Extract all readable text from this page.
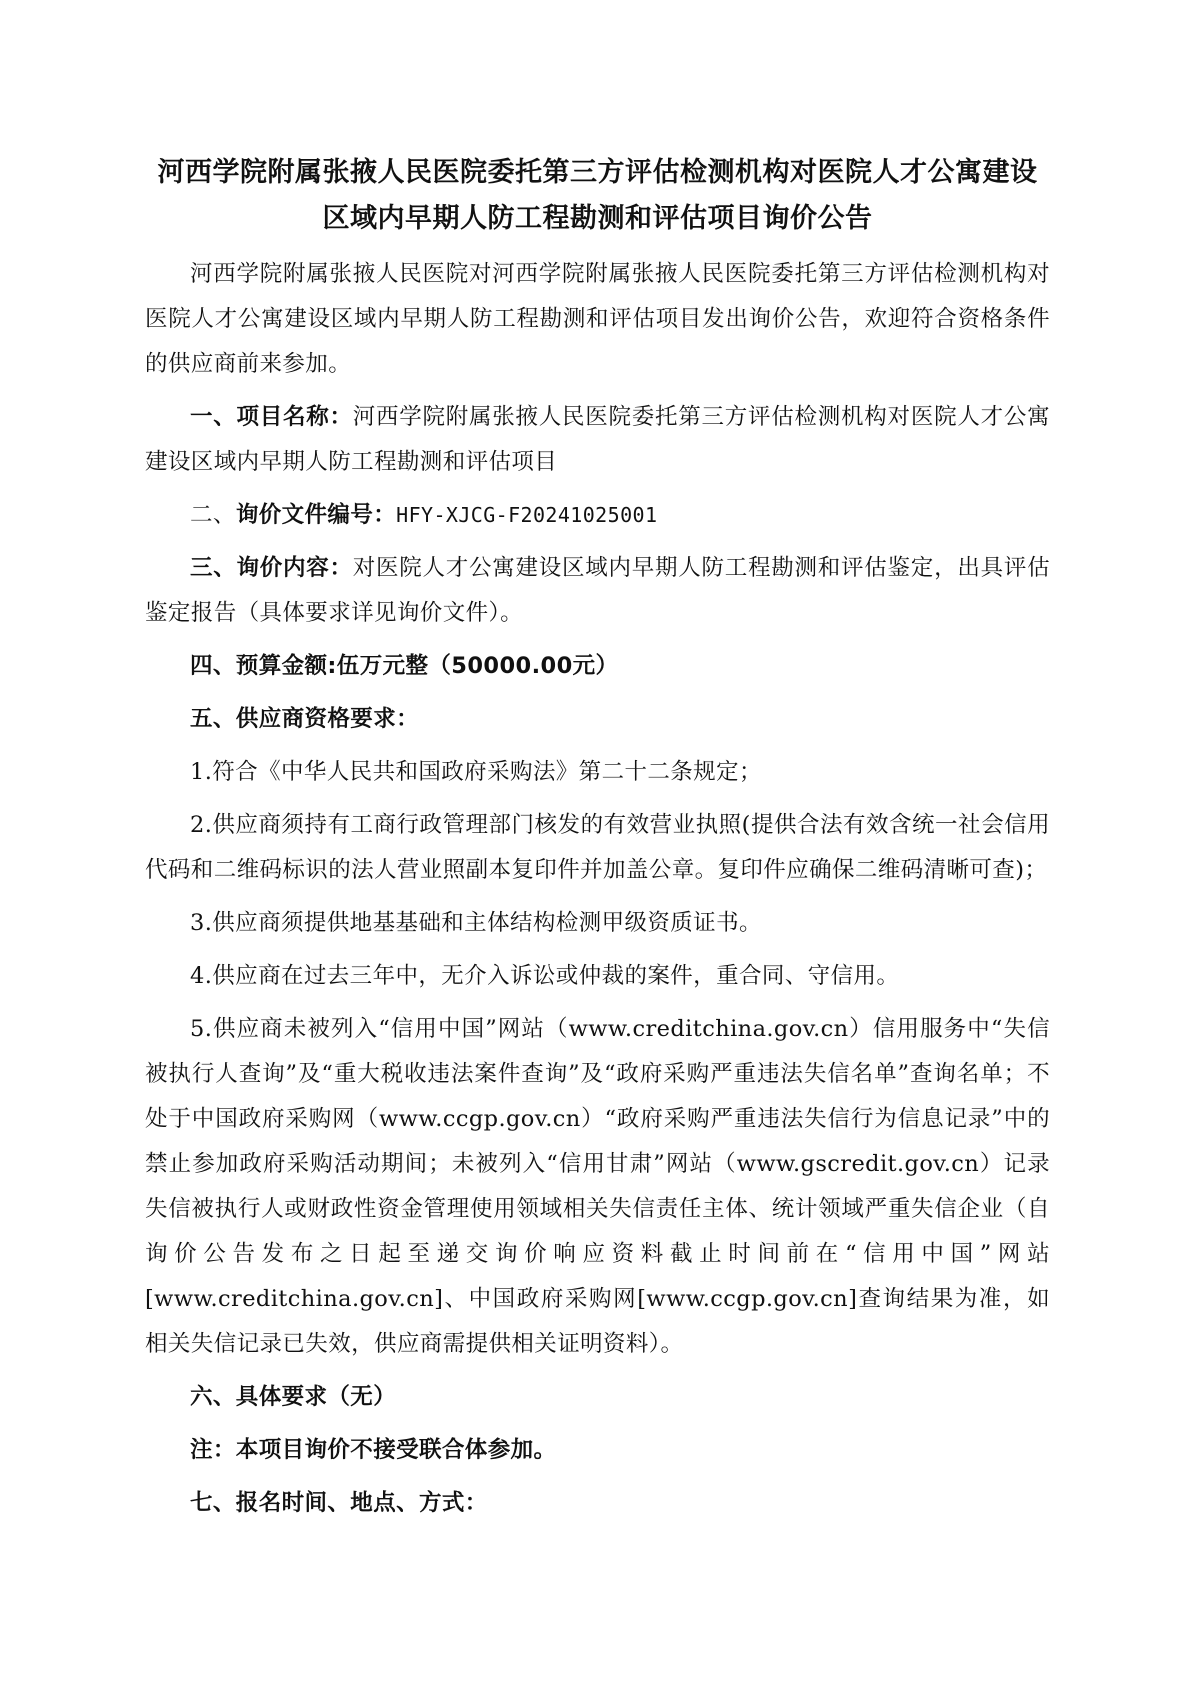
河西学院附属张掖人民医院委托第三方评估检测机构对医院人才公寓建设
区域内早期人防工程勘测和评估项目询价公告

河西学院附属张掖人民医院对河西学院附属张掖人民医院委托第三方评估检测机构对医院人才公寓建设区域内早期人防工程勘测和评估项目发出询价公告，欢迎符合资格条件的供应商前来参加。

一、项目名称：河西学院附属张掖人民医院委托第三方评估检测机构对医院人才公寓建设区域内早期人防工程勘测和评估项目

二、询价文件编号：HFY-XJCG-F20241025001

三、询价内容：对医院人才公寓建设区域内早期人防工程勘测和评估鉴定，出具评估鉴定报告（具体要求详见询价文件）。

四、预算金额:伍万元整（50000.00元）

五、供应商资格要求：

1.符合《中华人民共和国政府采购法》第二十二条规定；

2.供应商须持有工商行政管理部门核发的有效营业执照(提供合法有效含统一社会信用代码和二维码标识的法人营业照副本复印件并加盖公章。复印件应确保二维码清晰可查)；

3.供应商须提供地基基础和主体结构检测甲级资质证书。

4.供应商在过去三年中，无介入诉讼或仲裁的案件，重合同、守信用。

5.供应商未被列入“信用中国”网站（www.creditchina.gov.cn）信用服务中“失信被执行人查询”及“重大税收违法案件查询”及“政府采购严重违法失信名单”查询名单；不处于中国政府采购网（www.ccgp.gov.cn）“政府采购严重违法失信行为信息记录”中的禁止参加政府采购活动期间；未被列入“信用甘肃”网站（www.gscredit.gov.cn）记录失信被执行人或财政性资金管理使用领域相关失信责任主体、统计领域严重失信企业（自询价公告发布之日起至递交询价响应资料截止时间前在“信用中国”网站[www.creditchina.gov.cn]、中国政府采购网[www.ccgp.gov.cn]查询结果为准，如相关失信记录已失效，供应商需提供相关证明资料）。

六、具体要求（无）

注：本项目询价不接受联合体参加。

七、报名时间、地点、方式：
